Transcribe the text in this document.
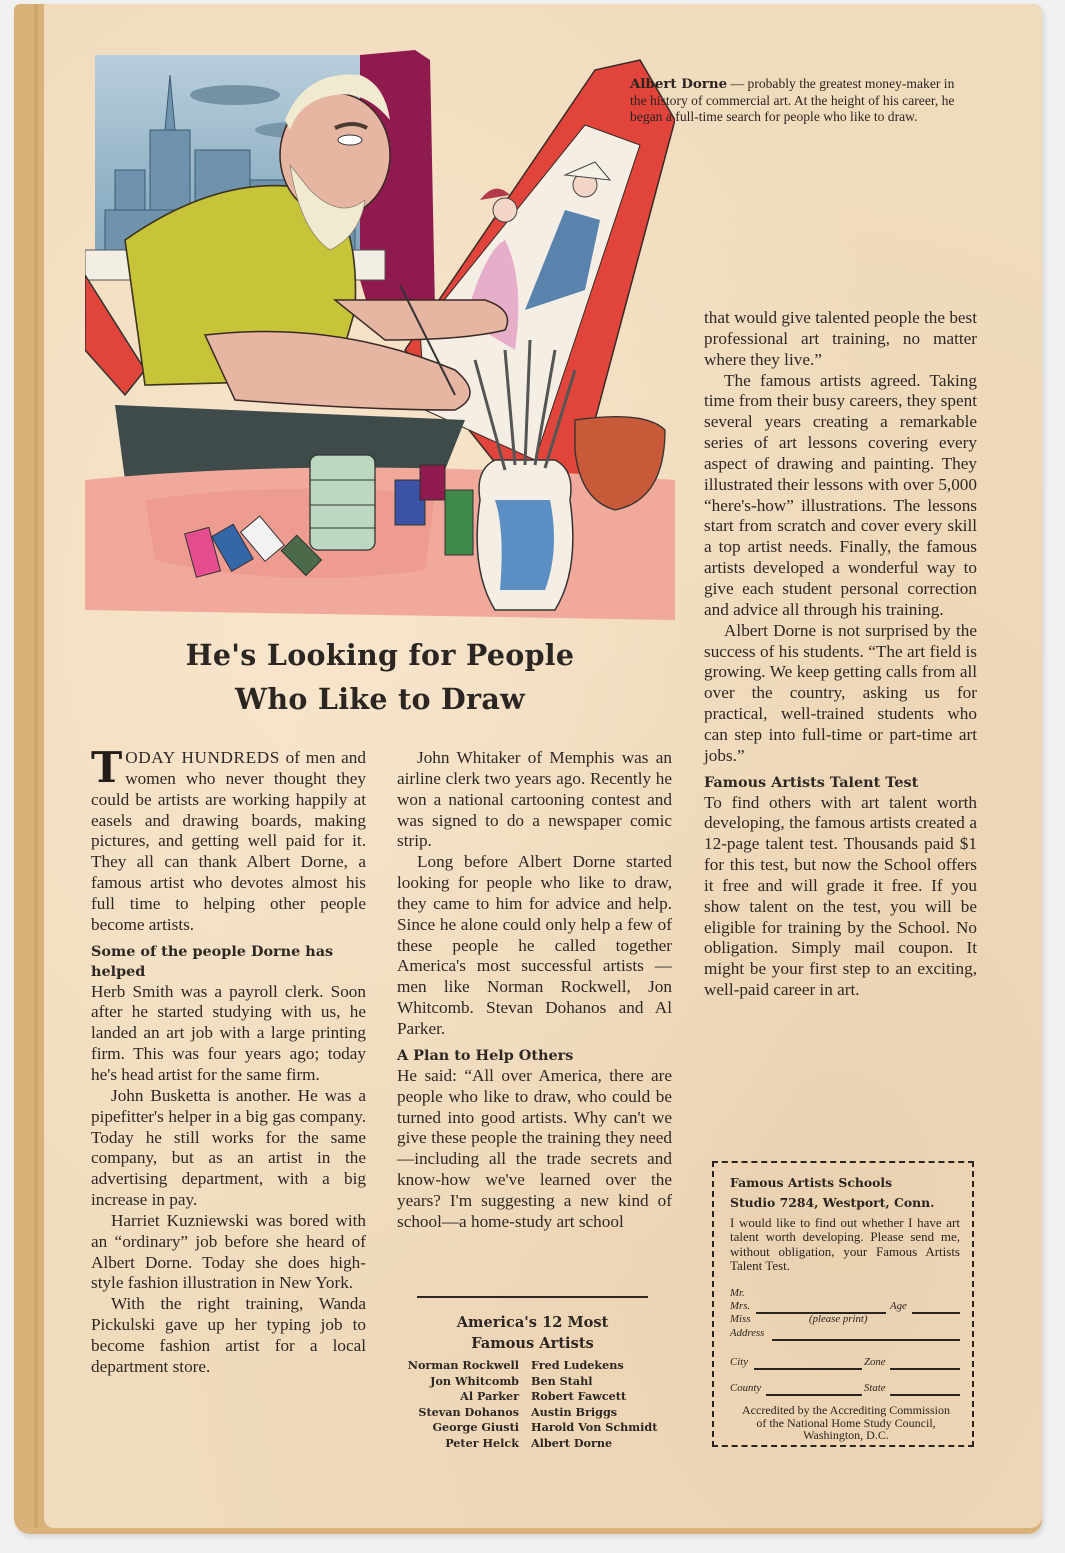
Albert Dorne — probably the greatest money-maker in the history of commercial art. At the height of his career, he began a full-time search for people who like to draw.
He's Looking for People
Who Like to Draw

TODAY HUNDREDS of men and women who never thought they could be artists are working happily at easels and drawing boards, making pictures, and getting well paid for it. They all can thank Albert Dorne, a famous artist who devotes almost his full time to helping other people become artists.

Some of the people Dorne has helped

Herb Smith was a payroll clerk. Soon after he started studying with us, he landed an art job with a large printing firm. This was four years ago; today he's head artist for the same firm.

John Busketta is another. He was a pipefitter's helper in a big gas company. Today he still works for the same company, but as an artist in the advertising department, with a big increase in pay.

Harriet Kuzniewski was bored with an “ordinary” job before she heard of Albert Dorne. Today she does high-style fashion illustration in New York.

With the right training, Wanda Pickulski gave up her typing job to become fashion artist for a local department store.

John Whitaker of Memphis was an airline clerk two years ago. Recently he won a national cartooning contest and was signed to do a newspaper comic strip.

Long before Albert Dorne started looking for people who like to draw, they came to him for advice and help. Since he alone could only help a few of these people he called together America's most successful artists —men like Norman Rockwell, Jon Whitcomb. Stevan Dohanos and Al Parker.

A Plan to Help Others

He said: “All over America, there are people who like to draw, who could be turned into good artists. Why can't we give these people the training they need—including all the trade secrets and know-how we've learned over the years? I'm suggesting a new kind of school—a home-study art school

America's 12 Most
Famous Artists
Norman Rockwell	Fred Ludekens
Jon Whitcomb	Ben Stahl
Al Parker	Robert Fawcett
Stevan Dohanos	Austin Briggs
George Giusti	Harold Von Schmidt
Peter Helck	Albert Dorne

that would give talented people the best professional art training, no matter where they live.”

The famous artists agreed. Taking time from their busy careers, they spent several years creating a remarkable series of art lessons covering every aspect of drawing and painting. They illustrated their lessons with over 5,000 “here's-how” illustrations. The lessons start from scratch and cover every skill a top artist needs. Finally, the famous artists developed a wonderful way to give each student personal correction and advice all through his training.

Albert Dorne is not surprised by the success of his students. “The art field is growing. We keep getting calls from all over the country, asking us for practical, well-trained students who can step into full-time or part-time art jobs.”

Famous Artists Talent Test

To find others with art talent worth developing, the famous artists created a 12-page talent test. Thousands paid $1 for this test, but now the School offers it free and will grade it free. If you show talent on the test, you will be eligible for training by the School. No obligation. Simply mail coupon. It might be your first step to an exciting, well-paid career in art.

Famous Artists Schools
Studio 7284, Westport, Conn.
I would like to find out whether I have art talent worth developing. Please send me, without obligation, your Famous Artists Talent Test.
Mr.
Mrs.	Age
Miss	(please print)
Address
City	Zone
County	State
Accredited by the Accrediting Commission of the National Home Study Council, Washington, D.C.
